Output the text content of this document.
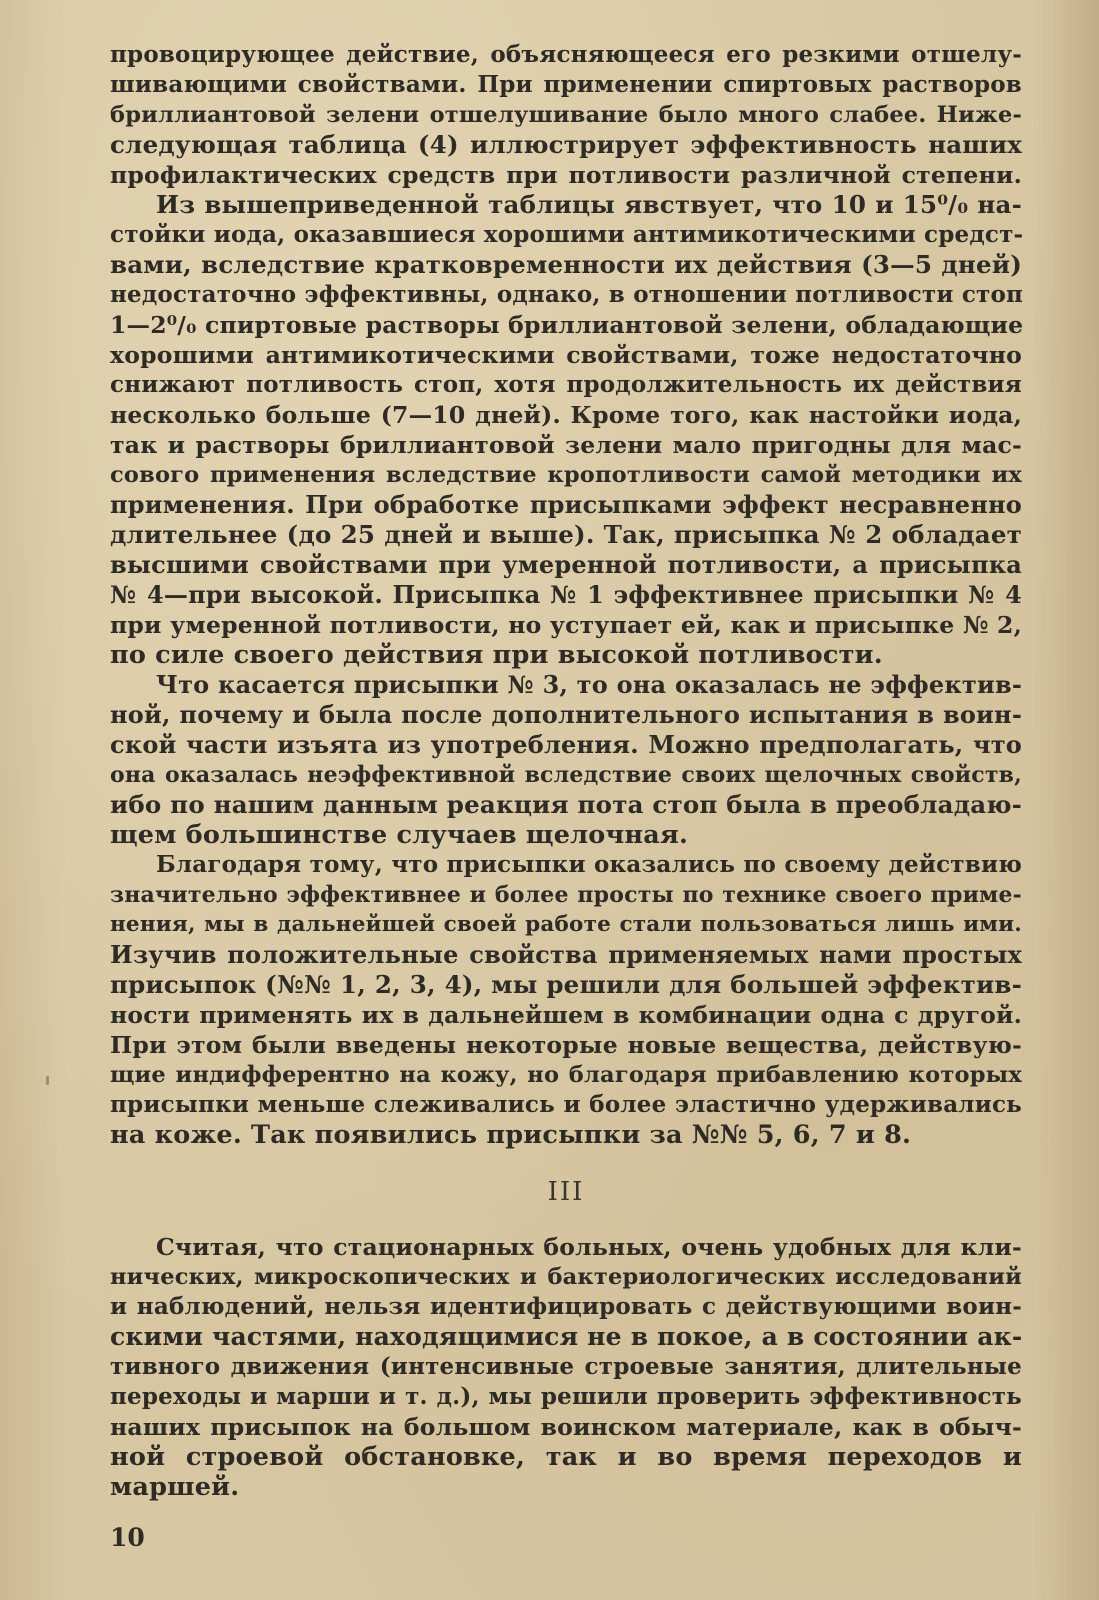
провоцирующее действие, объясняющееся его резкими отшелу-
шивающими свойствами. При применении спиртовых растворов
бриллиантовой зелени отшелушивание было много слабее. Ниже-
следующая таблица (4) иллюстрирует эффективность наших
профилактических средств при потливости различной степени.

Из вышеприведенной таблицы явствует, что 10 и 15⁰/₀ на-
стойки иода, оказавшиеся хорошими антимикотическими средст-
вами, вследствие кратковременности их действия (3—5 дней)
недостаточно эффективны, однако, в отношении потливости стоп
1—2⁰/₀ спиртовые растворы бриллиантовой зелени, обладающие
хорошими антимикотическими свойствами, тоже недостаточно
снижают потливость стоп, хотя продолжительность их действия
несколько больше (7—10 дней). Кроме того, как настойки иода,
так и растворы бриллиантовой зелени мало пригодны для мас-
сового применения вследствие кропотливости самой методики их
применения. При обработке присыпками эффект несравненно
длительнее (до 25 дней и выше). Так, присыпка № 2 обладает
высшими свойствами при умеренной потливости, а присыпка
№ 4—при высокой. Присыпка № 1 эффективнее присыпки № 4
при умеренной потливости, но уступает ей, как и присыпке № 2,
по силе своего действия при высокой потливости.

Что касается присыпки № 3, то она оказалась не эффектив-
ной, почему и была после дополнительного испытания в воин-
ской части изъята из употребления. Можно предполагать, что
она оказалась неэффективной вследствие своих щелочных свойств,
ибо по нашим данным реакция пота стоп была в преобладаю-
щем большинстве случаев щелочная.

Благодаря тому, что присыпки оказались по своему действию
значительно эффективнее и более просты по технике своего приме-
нения, мы в дальнейшей своей работе стали пользоваться лишь ими.
Изучив положительные свойства применяемых нами простых
присыпок (№№ 1, 2, 3, 4), мы решили для большей эффектив-
ности применять их в дальнейшем в комбинации одна с другой.
При этом были введены некоторые новые вещества, действую-
щие индифферентно на кожу, но благодаря прибавлению которых
присыпки меньше слеживались и более эластично удерживались
на коже. Так появились присыпки за №№ 5, 6, 7 и 8.

III

Считая, что стационарных больных, очень удобных для кли-
нических, микроскопических и бактериологических исследований
и наблюдений, нельзя идентифицировать с действующими воин-
скими частями, находящимися не в покое, а в состоянии ак-
тивного движения (интенсивные строевые занятия, длительные
переходы и марши и т. д.), мы решили проверить эффективность
наших присыпок на большом воинском материале, как в обыч-
ной строевой обстановке, так и во время переходов и
маршей.

10
